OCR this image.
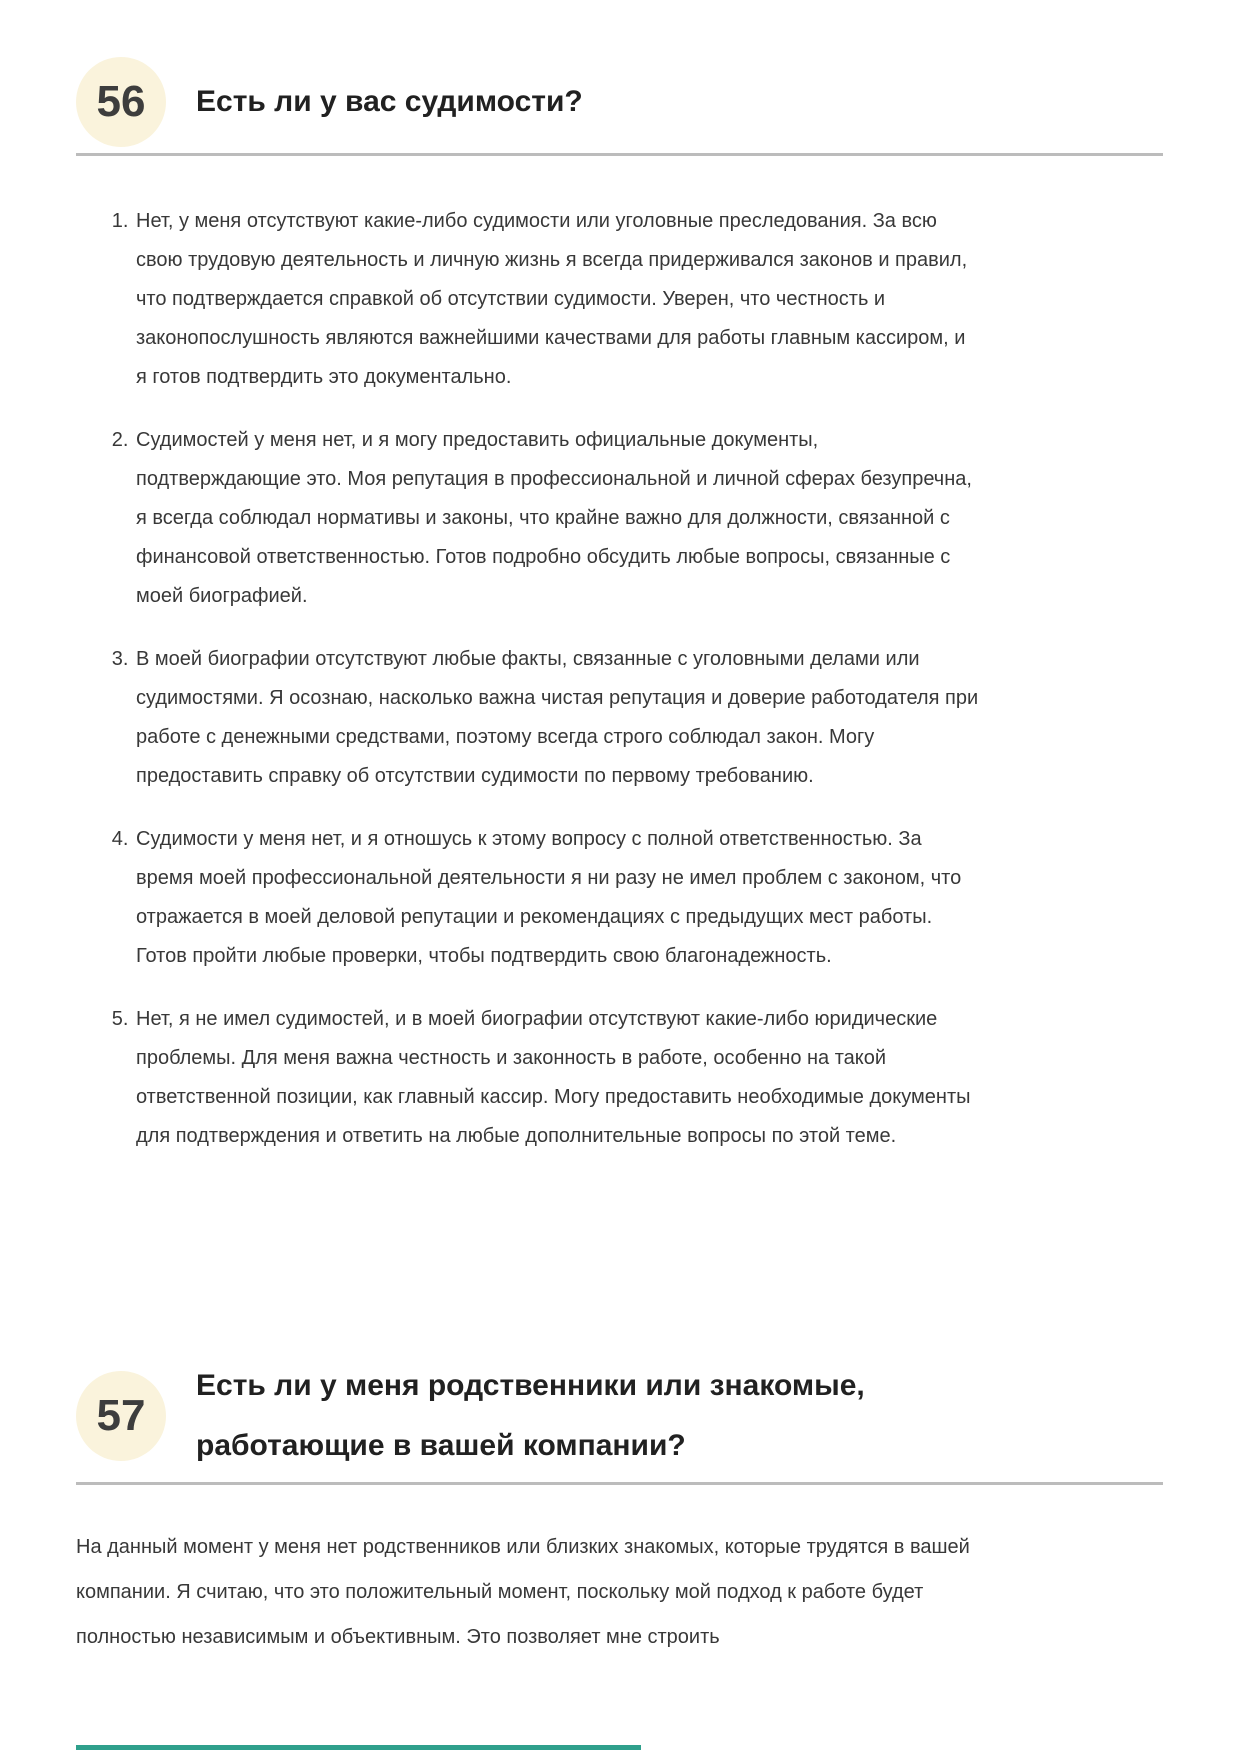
56	Есть ли у вас судимости?
1. Нет, у меня отсутствуют какие-либо судимости или уголовные преследования. За всю свою трудовую деятельность и личную жизнь я всегда придерживался законов и правил, что подтверждается справкой об отсутствии судимости. Уверен, что честность и законопослушность являются важнейшими качествами для работы главным кассиром, и я готов подтвердить это документально.
2. Судимостей у меня нет, и я могу предоставить официальные документы, подтверждающие это. Моя репутация в профессиональной и личной сферах безупречна, я всегда соблюдал нормативы и законы, что крайне важно для должности, связанной с финансовой ответственностью. Готов подробно обсудить любые вопросы, связанные с моей биографией.
3. В моей биографии отсутствуют любые факты, связанные с уголовными делами или судимостями. Я осознаю, насколько важна чистая репутация и доверие работодателя при работе с денежными средствами, поэтому всегда строго соблюдал закон. Могу предоставить справку об отсутствии судимости по первому требованию.
4. Судимости у меня нет, и я отношусь к этому вопросу с полной ответственностью. За время моей профессиональной деятельности я ни разу не имел проблем с законом, что отражается в моей деловой репутации и рекомендациях с предыдущих мест работы. Готов пройти любые проверки, чтобы подтвердить свою благонадежность.
5. Нет, я не имел судимостей, и в моей биографии отсутствуют какие-либо юридические проблемы. Для меня важна честность и законность в работе, особенно на такой ответственной позиции, как главный кассир. Могу предоставить необходимые документы для подтверждения и ответить на любые дополнительные вопросы по этой теме.
57
Есть ли у меня родственники или знакомые, работающие в вашей компании?

На данный момент у меня нет родственников или близких знакомых, которые трудятся в вашей компании. Я считаю, что это положительный момент, поскольку мой подход к работе будет полностью независимым и объективным. Это позволяет мне строить
